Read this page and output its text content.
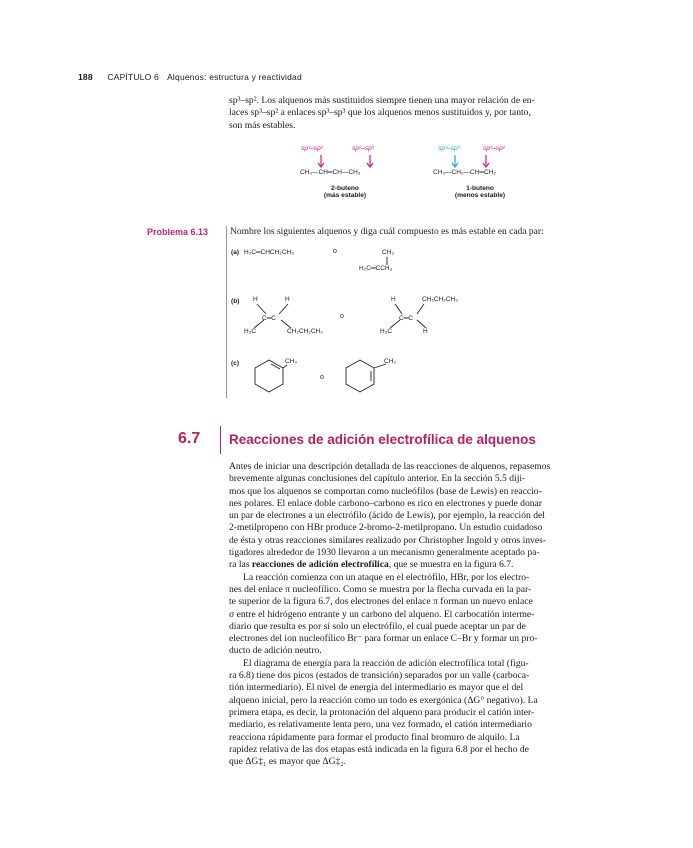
188 CAPÍTULO 6 Alquenos: estructura y reactividad
sp³–sp². Los alquenos más sustituidos siempre tienen una mayor relación de en-
laces sp³–sp² a enlaces sp³–sp³ que los alquenos menos sustituidos y, por tanto,
son más estables.
sp³–sp²	sp²–sp³	sp³–sp³	sp³–sp²
CH₃—CH═CH—CH₃	CH₃—CH₂—CH═CH₂
2-buteno
(más estable)
1-buteno
(menos estable)
Problema 6.13 Nombre los siguientes alquenos y diga cuál compuesto es más estable en cada par:
(a) H₂C═CHCH₂CH₃	o	CH₃
H₂C═CCH₃
(b) H	H
H₃C	CH₂CH₂CH₃
o
H	CH₂CH₂CH₃
H₃C	H
(c)	CH₃
o
CH₃
C═C	C═C
6.7 Reacciones de adición electrofílica de alquenos
Antes de iniciar una descripción detallada de las reacciones de alquenos, repasemos
brevemente algunas conclusiones del capítulo anterior. En la sección 5.5 diji-
mos que los alquenos se comportan como nucleófilos (base de Lewis) en reaccio-
nes polares. El enlace doble carbono–carbono es rico en electrones y puede donar
un par de electrones a un electrófilo (ácido de Lewis), por ejemplo, la reacción del
2-metilpropeno con HBr produce 2-bromo-2-metilpropano. Un estudio cuidadoso
de ésta y otras reacciones similares realizado por Christopher Ingold y otros inves-
tigadores alrededor de 1930 llevaron a un mecanismo generalmente aceptado pa-
ra las reacciones de adición electrofílica, que se muestra en la figura 6.7.
La reacción comienza con un ataque en el electrófilo, HBr, por los electro-
nes del enlace π nucleofílico. Como se muestra por la flecha curvada en la par-
te superior de la figura 6.7, dos electrones del enlace π forman un nuevo enlace
σ entre el hidrógeno entrante y un carbono del alqueno. El carbocatión interme-
diario que resulta es por sí solo un electrófilo, el cual puede aceptar un par de
electrones del ion nucleofílico Br⁻ para formar un enlace C–Br y formar un pro-
ducto de adición neutro.
El diagrama de energía para la reacción de adición electrofílica total (figu-
ra 6.8) tiene dos picos (estados de transición) separados por un valle (carboca-
tión intermediario). El nivel de energía del intermediario es mayor que el del
alqueno inicial, pero la reacción como un todo es exergónica (ΔG° negativo). La
primera etapa, es decir, la protonación del alqueno para producir el catión inter-
mediario, es relativamente lenta pero, una vez formado, el catión intermediario
reacciona rápidamente para formar el producto final bromuro de alquilo. La
rapidez relativa de las dos etapas está indicada en la figura 6.8 por el hecho de
que ΔG‡₁ es mayor que ΔG‡₂.
